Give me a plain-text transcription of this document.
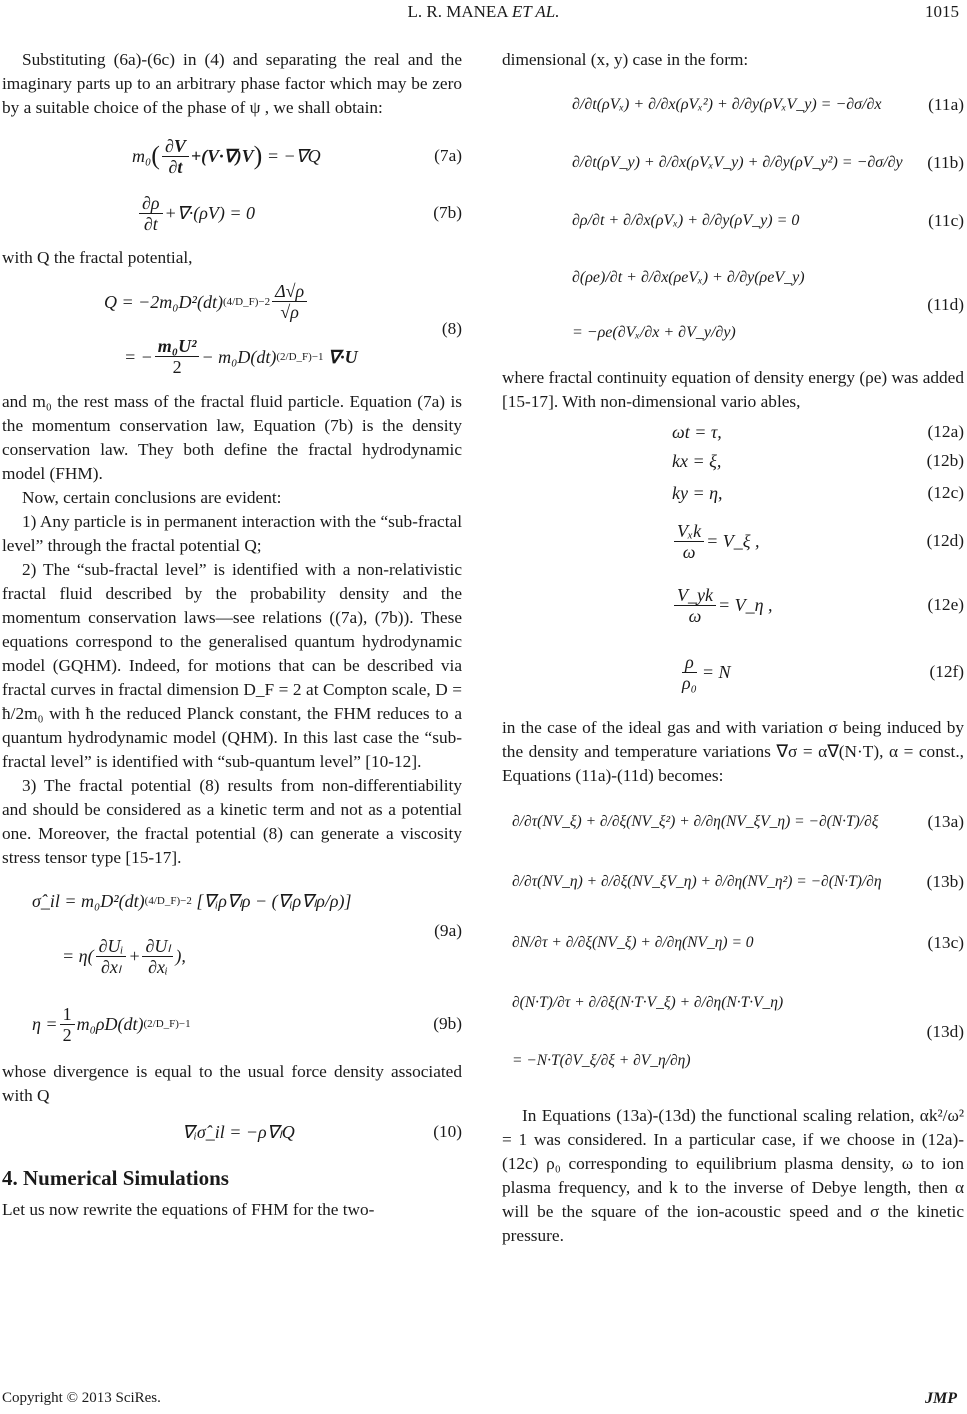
L. R. MANEA ET AL.	1015

Substituting (6a)-(6c) in (4) and separating the real and the imaginary parts up to an arbitrary phase factor which may be zero by a suitable choice of the phase of ψ , we shall obtain:

m₀ ( $\frac{\partial V}{\partial t} +(V\cdot\nabla)V$ )
= −∇Q	(7a)
$\frac{\partial\rho}{\partial t} +\nabla\cdot(\rho V) = 0$	(7b)

with Q the fractal potential,

Q = −2m₀D²(dt) (4/D_F)−2 $\frac{\Delta√\rho}{√\rho}$
= − $\frac{\text{m₀U²}}{2} - m_0D(dt)$ (2/D_F)−1
∇·U
(8)

and m₀ the rest mass of the fractal fluid particle. Equation (7a) is the momentum conservation law, Equation (7b) is the density conservation law. They both define the fractal hydrodynamic model (FHM).

Now, certain conclusions are evident:

1) Any particle is in permanent interaction with the “sub-fractal level” through the fractal potential Q;

2) The “sub-fractal level” is identified with a non-relativistic fractal fluid described by the probability density and the momentum conservation laws—see relations ((7a), (7b)). These equations correspond to the generalised quantum hydrodynamic model (GQHM). Indeed, for motions that can be described via fractal curves in fractal dimension D_F = 2 at Compton scale, D = ħ/2m₀ with ħ the reduced Planck constant, the FHM reduces to a quantum hydrodynamic model (QHM). In this last case the “sub-fractal level” is identified with “sub-quantum level” [10-12].

3) The fractal potential (8) results from non-differentiability and should be considered as a kinetic term and not as a potential one. Moreover, the fractal potential (8) can generate a viscosity stress tensor type [15-17].

σ̂_il = m₀D²(dt) (4/D_F)−2
[∇ᵢρ∇ₗρ − (∇ᵢρ∇ₗρ/ρ)]
= $\eta( \frac{\text{∂Uᵢ}}{\text{∂xₗ}} + \frac{\text{∂Uₗ}}{\text{∂xᵢ}}$ ),
(9a)
$\eta = \frac{1}{2} m_0\rho D(dt)$ (2/D_F)−1	(9b)

whose divergence is equal to the usual force density associated with Q

∇ᵢσ̂_il = −ρ∇ₗQ	(10)
4. Numerical Simulations

Let us now rewrite the equations of FHM for the two-

dimensional (x, y) case in the form:

∂/∂t(ρVₓ) + ∂/∂x(ρVₓ²) + ∂/∂y(ρVₓV_y) = −∂σ/∂x	(11a)
∂/∂t(ρV_y) + ∂/∂x(ρVₓV_y) + ∂/∂y(ρV_y²) = −∂σ/∂y (11b)
∂ρ/∂t + ∂/∂x(ρVₓ) + ∂/∂y(ρV_y) = 0	(11c)
∂(ρe)/∂t + ∂/∂x(ρeVₓ) + ∂/∂y(ρeV_y)
= −ρe(∂Vₓ/∂x + ∂V_y/∂y)
(11d)

where fractal continuity equation of density energy (ρe) was added [15-17]. With non-dimensional vario ables,

ωt = τ,	(12a)
kx = ξ,	(12b)
ky = η,	(12c)
$\frac{\text{Vₓk}}{\omega}$ = V_ξ ,	(12d)
$\frac{V\_yk}{\omega}$ = V_η ,	(12e)
$\frac{\rho}{\text{ρ₀}} = N$	(12f)

in the case of the ideal gas and with variation σ being induced by the density and temperature variations ∇σ = α∇(N·T), α = const., Equations (11a)-(11d) becomes:

∂/∂τ(NV_ξ) + ∂/∂ξ(NV_ξ²) + ∂/∂η(NV_ξV_η) = −∂(N·T)/∂ξ	(13a)
∂/∂τ(NV_η) + ∂/∂ξ(NV_ξV_η) + ∂/∂η(NV_η²) = −∂(N·T)/∂η	(13b)
∂N/∂τ + ∂/∂ξ(NV_ξ) + ∂/∂η(NV_η) = 0	(13c)
∂(N·T)/∂τ + ∂/∂ξ(N·T·V_ξ) + ∂/∂η(N·T·V_η)
= −N·T(∂V_ξ/∂ξ + ∂V_η/∂η)
(13d)

In Equations (13a)-(13d) the functional scaling relation, αk²/ω² = 1 was considered. In a particular case, if we choose in (12a)-(12c) ρ₀ corresponding to equilibrium plasma density, ω to ion plasma frequency, and k to the inverse of Debye length, then α will be the square of the ion-acoustic speed and σ the kinetic pressure.

Copyright © 2013 SciRes.	JMP
